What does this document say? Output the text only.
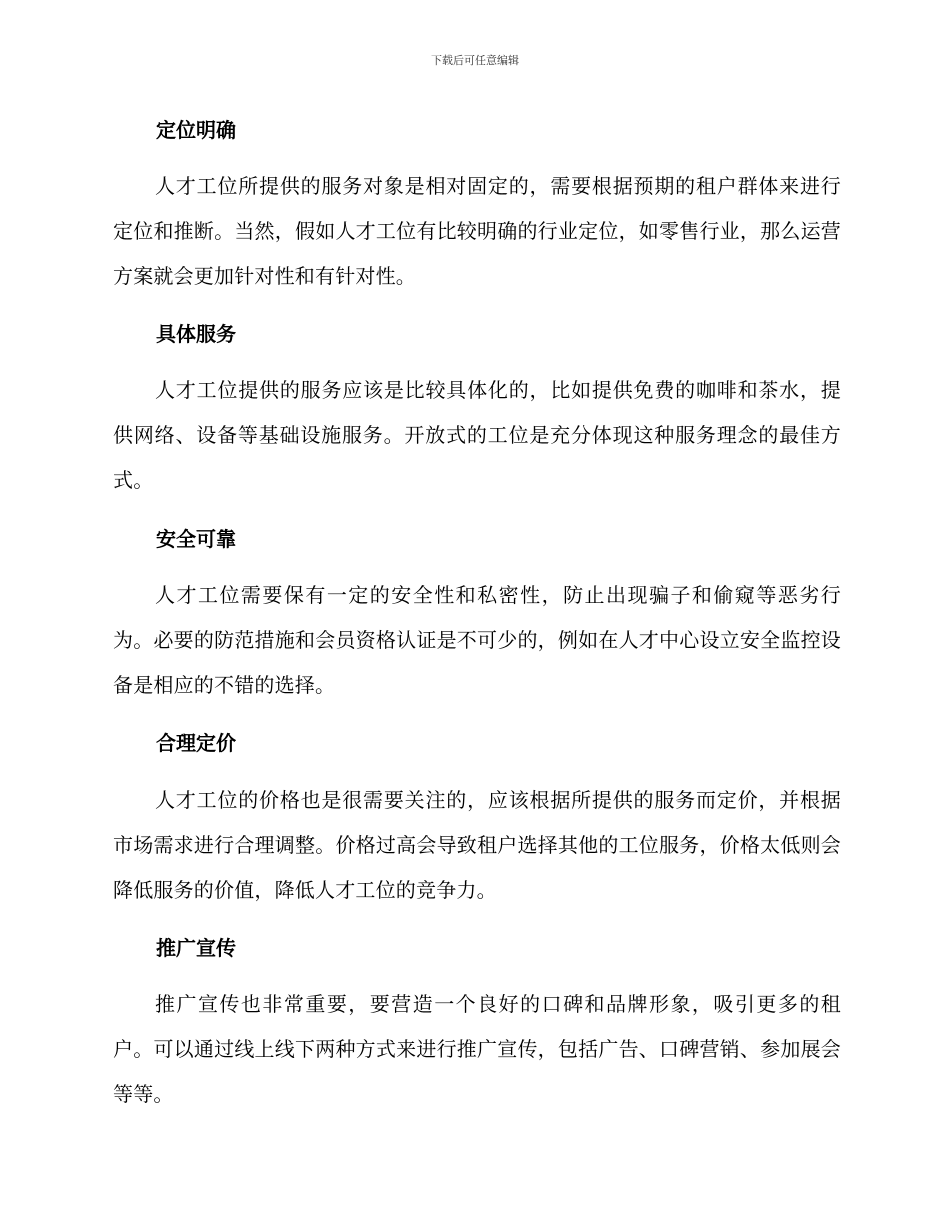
下载后可任意编辑
定位明确

人才工位所提供的服务对象是相对固定的，需要根据预期的租户群体来进行定位和推断。当然，假如人才工位有比较明确的行业定位，如零售行业，那么运营方案就会更加针对性和有针对性。

具体服务

人才工位提供的服务应该是比较具体化的，比如提供免费的咖啡和茶水，提供网络、设备等基础设施服务。开放式的工位是充分体现这种服务理念的最佳方式。

安全可靠

人才工位需要保有一定的安全性和私密性，防止出现骗子和偷窥等恶劣行为。必要的防范措施和会员资格认证是不可少的，例如在人才中心设立安全监控设备是相应的不错的选择。

合理定价

人才工位的价格也是很需要关注的，应该根据所提供的服务而定价，并根据市场需求进行合理调整。价格过高会导致租户选择其他的工位服务，价格太低则会降低服务的价值，降低人才工位的竞争力。

推广宣传

推广宣传也非常重要，要营造一个良好的口碑和品牌形象，吸引更多的租户。可以通过线上线下两种方式来进行推广宣传，包括广告、口碑营销、参加展会等等。
